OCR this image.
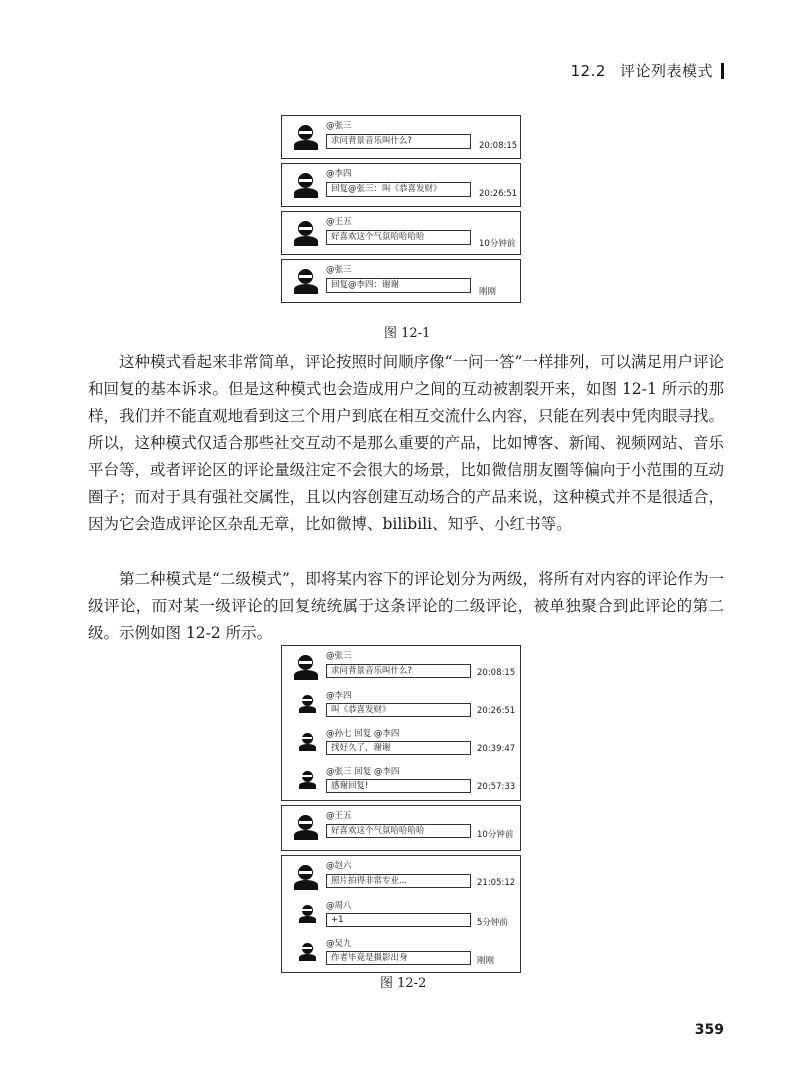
12.2 评论列表模式
@张三
求问背景音乐叫什么?	20:08:15
@李四
回复@张三：叫《恭喜发财》	20:26:51
@王五
好喜欢这个气氛哈哈哈哈
10分钟前
@张三
回复@李四：谢谢
刚刚
图 12-1

这种模式看起来非常简单，评论按照时间顺序像“一问一答”一样排列，可以满足用户评论和回复的基本诉求。但是这种模式也会造成用户之间的互动被割裂开来，如图 12-1 所示的那样，我们并不能直观地看到这三个用户到底在相互交流什么内容，只能在列表中凭肉眼寻找。所以，这种模式仅适合那些社交互动不是那么重要的产品，比如博客、新闻、视频网站、音乐平台等，或者评论区的评论量级注定不会很大的场景，比如微信朋友圈等偏向于小范围的互动圈子；而对于具有强社交属性，且以内容创建互动场合的产品来说，这种模式并不是很适合，因为它会造成评论区杂乱无章，比如微博、bilibili、知乎、小红书等。

第二种模式是“二级模式”，即将某内容下的评论划分为两级，将所有对内容的评论作为一级评论，而对某一级评论的回复统统属于这条评论的二级评论，被单独聚合到此评论的第二级。示例如图 12-2 所示。

@张三
求问背景音乐叫什么?	20:08:15
@李四
叫《恭喜发财》	20:26:51
@孙七 回复 @李四
找好久了，谢谢	20:39:47
@张三 回复 @李四
感谢回复!	20:57:33
@王五
好喜欢这个气氛哈哈哈哈	10分钟前
@赵六
照片拍得非常专业...	21:05:12
@周八
+1	5分钟前
@吴九
作者毕竟是摄影出身	刚刚
图 12-2
359
